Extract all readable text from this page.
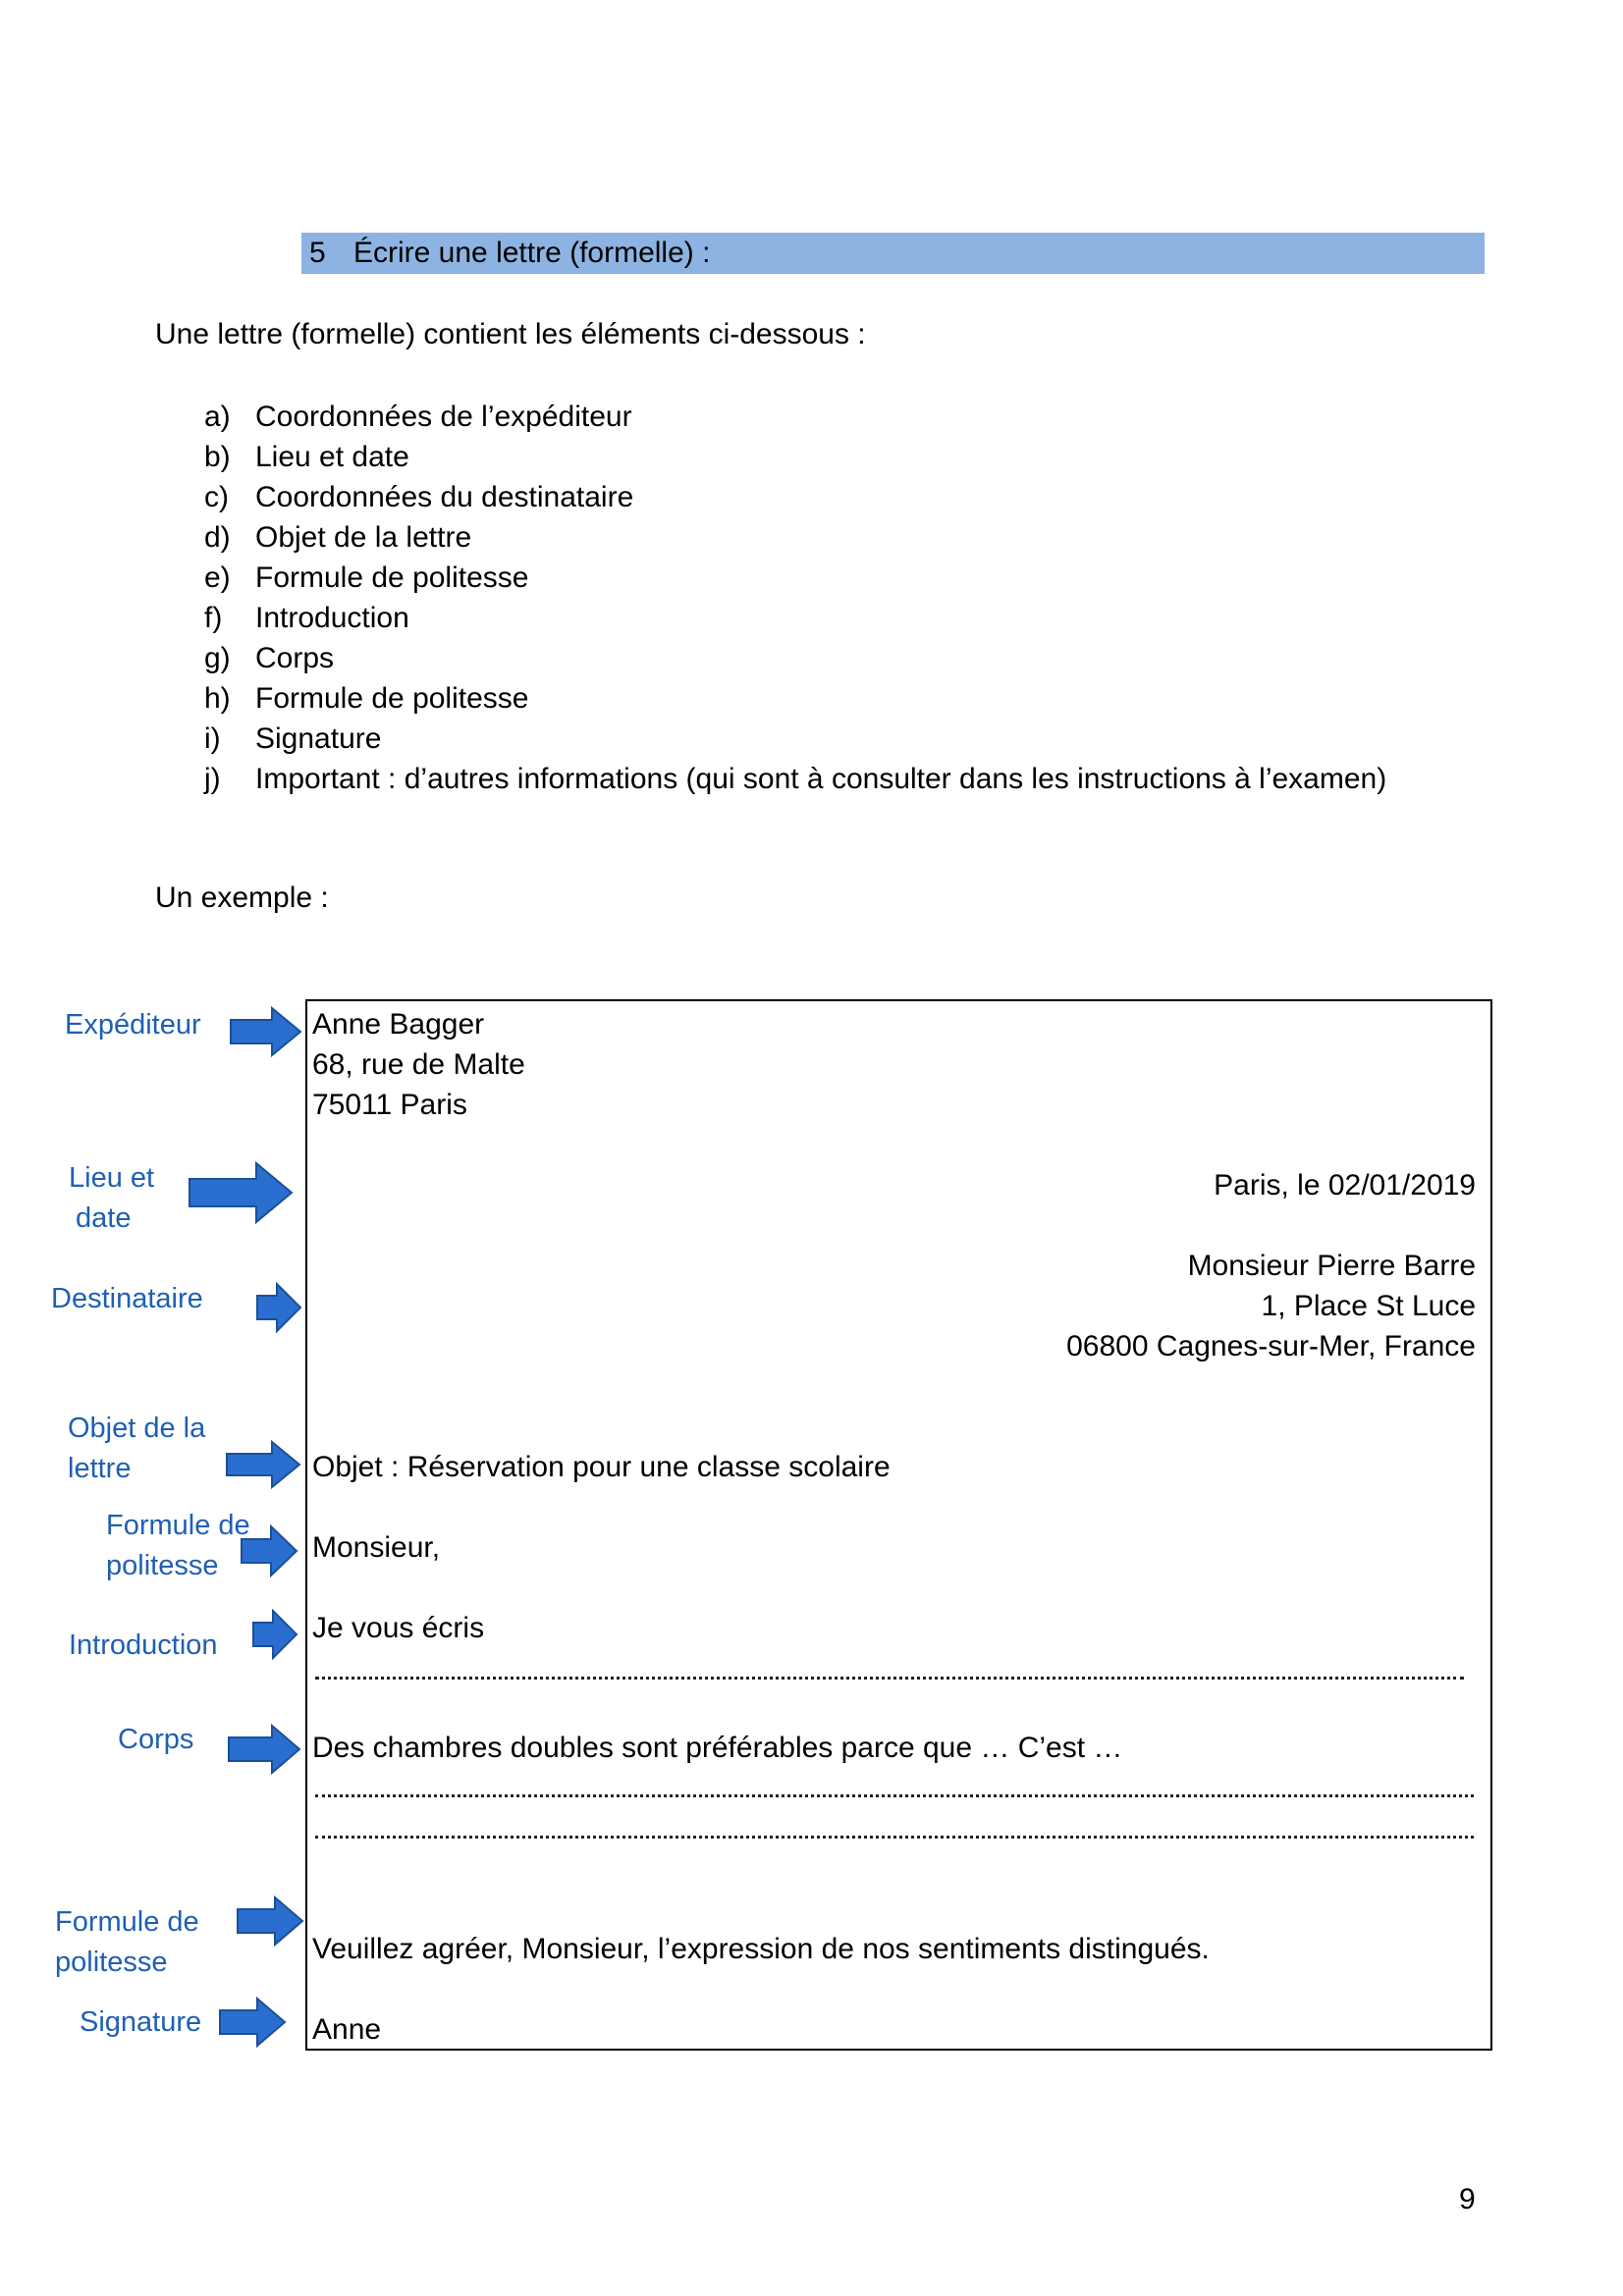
5 Écrire une lettre (formelle) :
Une lettre (formelle) contient les éléments ci-dessous :
a) Coordonnées de l’expéditeur
b) Lieu et date
c) Coordonnées du destinataire
d) Objet de la lettre
e) Formule de politesse
f) Introduction
g) Corps
h) Formule de politesse
i) Signature
j) Important : d’autres informations (qui sont à consulter dans les instructions à l’examen)
Un exemple :
Anne Bagger
68, rue de Malte
75011 Paris
Paris, le 02/01/2019
Monsieur Pierre Barre
1, Place St Luce
06800 Cagnes-sur-Mer, France
Objet : Réservation pour une classe scolaire
Monsieur,
Je vous écris
Des chambres doubles sont préférables parce que … C’est …
Veuillez agréer, Monsieur, l’expression de nos sentiments distingués.
Anne
Expéditeur
Lieu et
date
Destinataire
Objet de la
lettre
Formule de
politesse
Introduction
Corps
Formule de
politesse
Signature
9
